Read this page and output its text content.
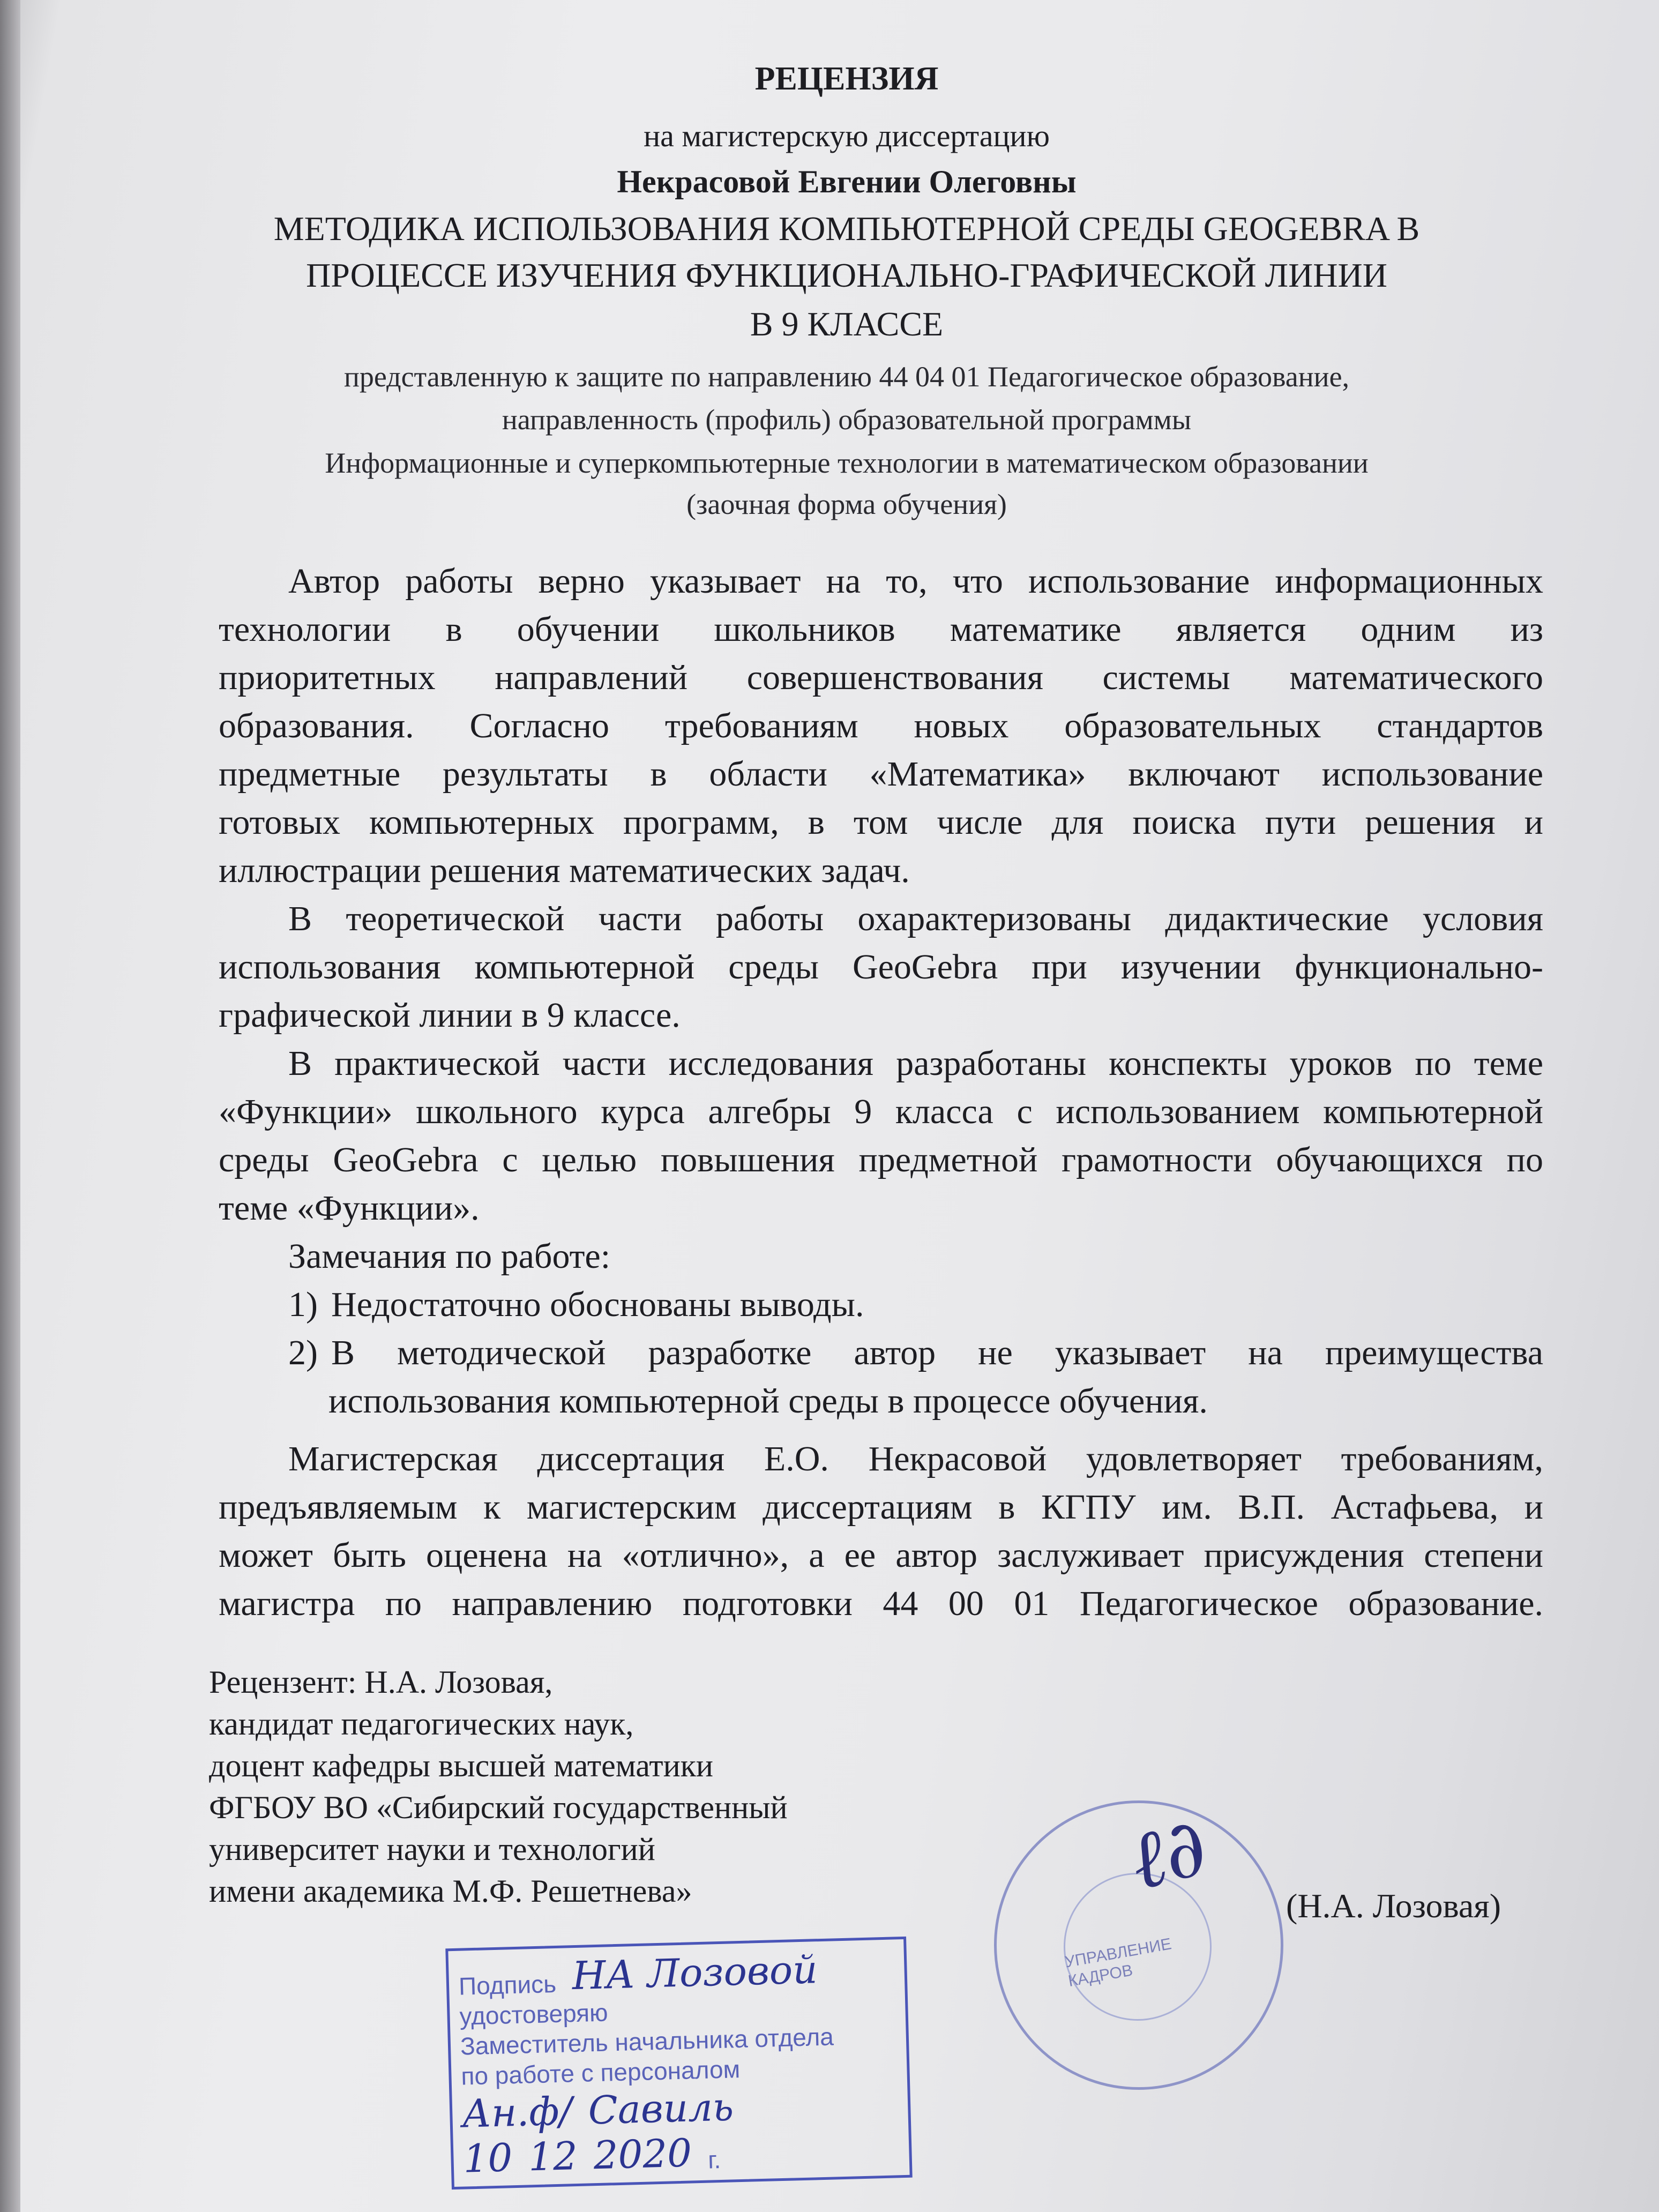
РЕЦЕНЗИЯ
на магистерскую диссертацию
Некрасовой Евгении Олеговны
МЕТОДИКА ИСПОЛЬЗОВАНИЯ КОМПЬЮТЕРНОЙ СРЕДЫ GEOGEBRA В
ПРОЦЕССЕ ИЗУЧЕНИЯ ФУНКЦИОНАЛЬНО-ГРАФИЧЕСКОЙ ЛИНИИ
В 9 КЛАССЕ
представленную к защите по направлению 44 04 01 Педагогическое образование,
направленность (профиль) образовательной программы
Информационные и суперкомпьютерные технологии в математическом образовании
(заочная форма обучения)
Автор работы верно указывает на то, что использование информационных
технологии в обучении школьников математике является одним из
приоритетных направлений совершенствования системы математического
образования. Согласно требованиям новых образовательных стандартов
предметные результаты в области «Математика» включают использование
готовых компьютерных программ, в том числе для поиска пути решения и
иллюстрации решения математических задач.
В теоретической части работы охарактеризованы дидактические условия
использования компьютерной среды GeoGebra при изучении функционально-
графической линии в 9 классе.
В практической части исследования разработаны конспекты уроков по теме
«Функции» школьного курса алгебры 9 класса с использованием компьютерной
среды GeoGebra с целью повышения предметной грамотности обучающихся по
теме «Функции».
Замечания по работе:
1) Недостаточно обоснованы выводы.
2) В методической разработке автор не указывает на преимущества
использования компьютерной среды в процессе обучения.
Магистерская диссертация Е.О. Некрасовой удовлетворяет требованиям,
предъявляемым к магистерским диссертациям в КГПУ им. В.П. Астафьева, и
может быть оценена на «отлично», а ее автор заслуживает присуждения степени
магистра по направлению подготовки 44 00 01 Педагогическое образование.
Рецензент: Н.А. Лозовая,
кандидат педагогических наук,
доцент кафедры высшей математики
ФГБОУ ВО «Сибирский государственный
университет науки и технологий
имени академика М.Ф. Решетнева»
УПРАВЛЕНИЕ КАДРОВ
ℓ∂ (Н.А. Лозовая)
Подпись НА Лозовой
удостоверяю
Заместитель начальника отдела
по работе с персоналом
Ан.ф/ Савиль
10 12 2020 г.
